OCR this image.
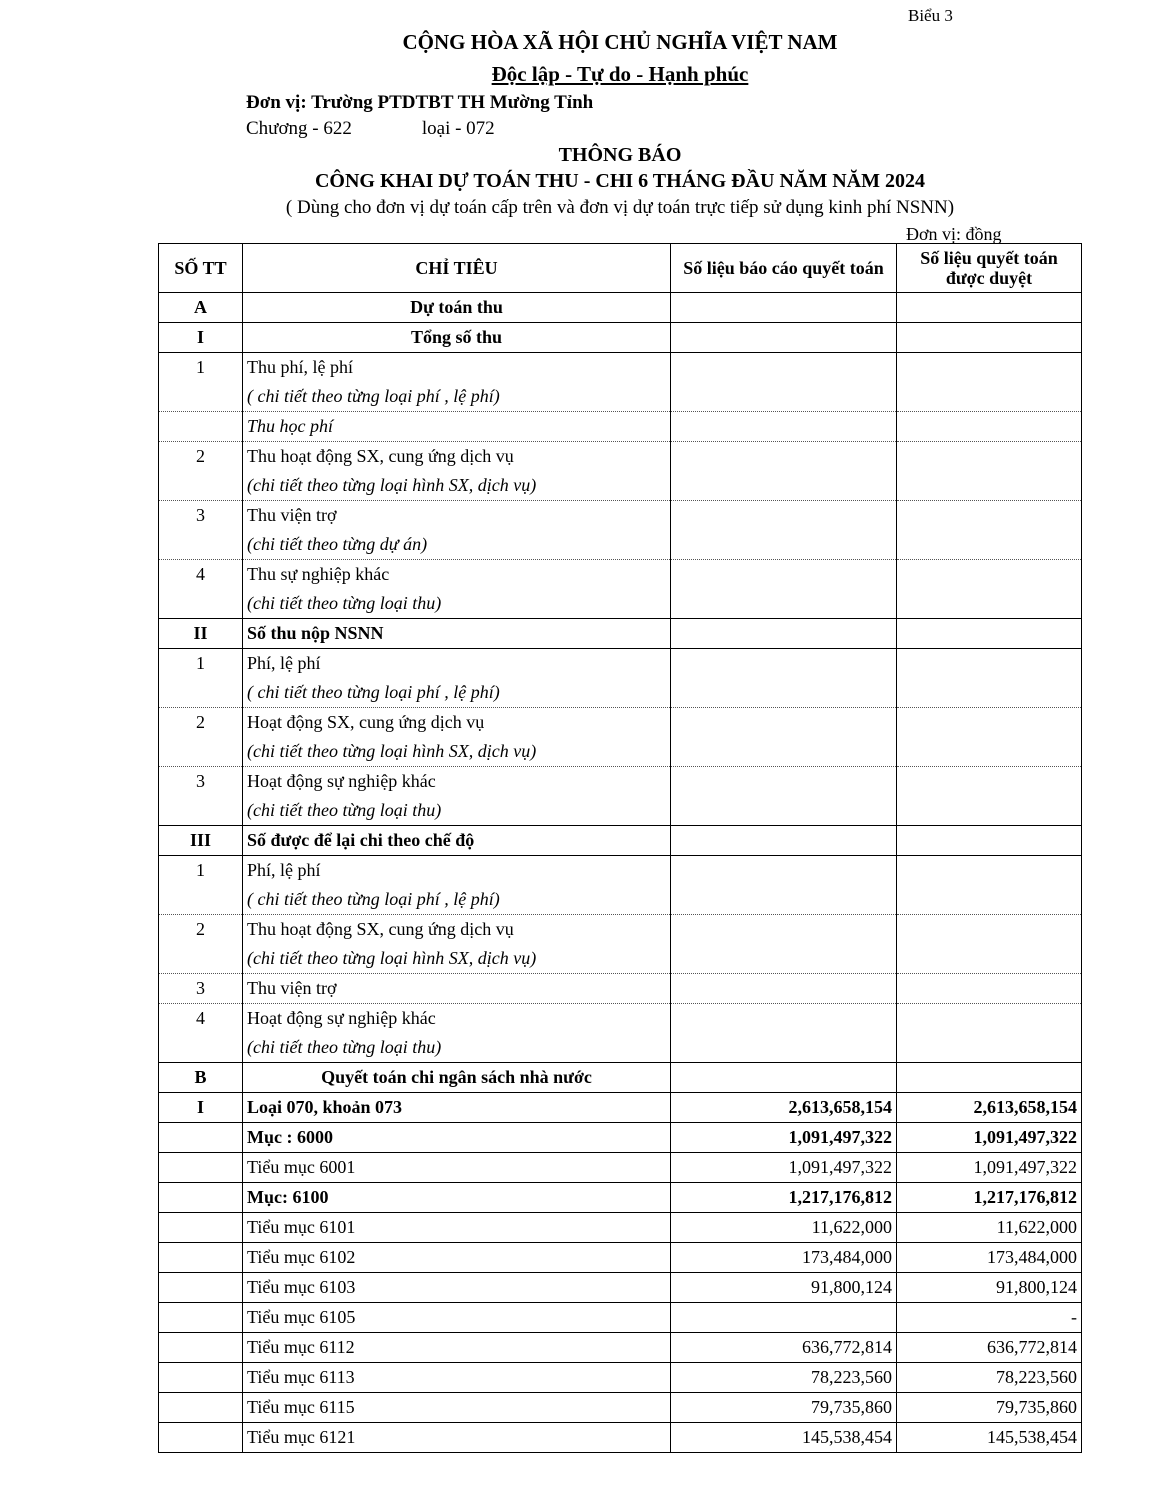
Biểu 3
CỘNG HÒA XÃ HỘI CHỦ NGHĨA VIỆT NAM
Độc lập - Tự do - Hạnh phúc
Đơn vị: Trường PTDTBT TH Mường Tỉnh
Chương - 622	loại - 072
THÔNG BÁO
CÔNG KHAI DỰ TOÁN THU - CHI 6 THÁNG ĐẦU NĂM NĂM 2024
( Dùng cho đơn vị dự toán cấp trên và đơn vị dự toán trực tiếp sử dụng kinh phí NSNN)
Đơn vị: đồng
SỐ TT	CHỈ TIÊU	Số liệu báo cáo quyết toán	Số liệu quyết toán được duyệt
A	Dự toán thu		
I	Tổng số thu		
1	Thu phí, lệ phí		
	( chi tiết theo từng loại phí , lệ phí)		
	Thu học phí		
2	Thu hoạt động SX, cung ứng dịch vụ		
	(chi tiết theo từng loại hình SX, dịch vụ)		
3	Thu viện trợ		
	(chi tiết theo từng dự án)		
4	Thu sự nghiệp khác		
	(chi tiết theo từng loại thu)		
II	Số thu nộp NSNN		
1	Phí, lệ phí		
	( chi tiết theo từng loại phí , lệ phí)		
2	Hoạt động SX, cung ứng dịch vụ		
	(chi tiết theo từng loại hình SX, dịch vụ)		
3	Hoạt động sự nghiệp khác		
	(chi tiết theo từng loại thu)		
III	Số được để lại chi theo chế độ		
1	Phí, lệ phí		
	( chi tiết theo từng loại phí , lệ phí)		
2	Thu hoạt động SX, cung ứng dịch vụ		
	(chi tiết theo từng loại hình SX, dịch vụ)		
3	Thu viện trợ		
4	Hoạt động sự nghiệp khác		
	(chi tiết theo từng loại thu)		
B	Quyết toán chi ngân sách nhà nước		
I	Loại 070, khoản 073	2,613,658,154	2,613,658,154
	Mục : 6000	1,091,497,322	1,091,497,322
	Tiểu mục 6001	1,091,497,322	1,091,497,322
	Mục: 6100	1,217,176,812	1,217,176,812
	Tiểu mục 6101	11,622,000	11,622,000
	Tiểu mục 6102	173,484,000	173,484,000
	Tiểu mục 6103	91,800,124	91,800,124
	Tiểu mục 6105		-
	Tiểu mục 6112	636,772,814	636,772,814
	Tiểu mục 6113	78,223,560	78,223,560
	Tiểu mục 6115	79,735,860	79,735,860
	Tiểu mục 6121	145,538,454	145,538,454
